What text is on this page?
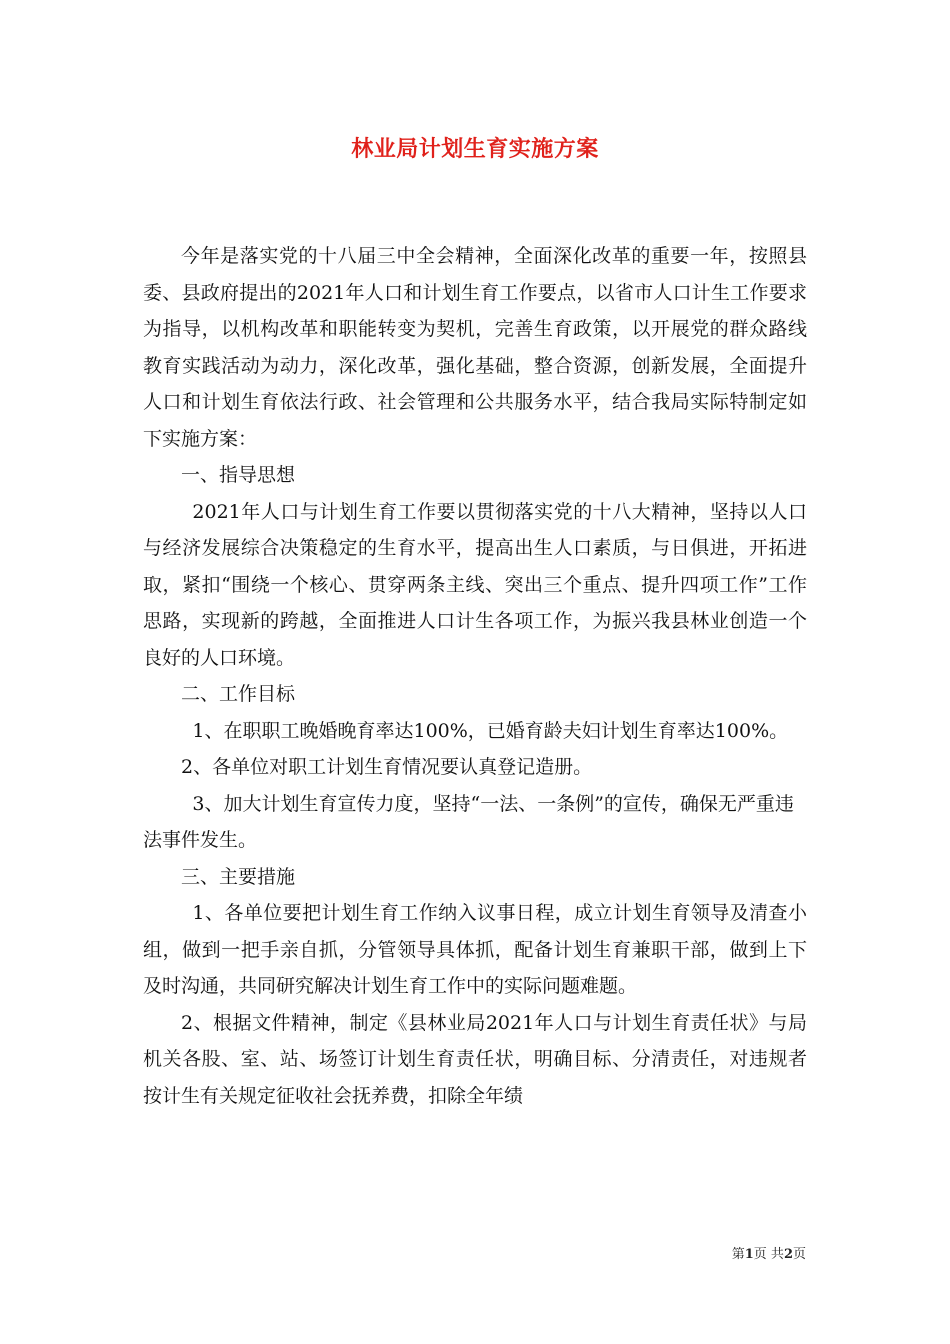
林业局计划生育实施方案

今年是落实党的十八届三中全会精神，全面深化改革的重要一年，按照县委、县政府提出的2021年人口和计划生育工作要点，以省市人口计生工作要求为指导，以机构改革和职能转变为契机，完善生育政策，以开展党的群众路线教育实践活动为动力，深化改革，强化基础，整合资源，创新发展，全面提升人口和计划生育依法行政、社会管理和公共服务水平，结合我局实际特制定如下实施方案：

一、指导思想

2021年人口与计划生育工作要以贯彻落实党的十八大精神，坚持以人口与经济发展综合决策稳定的生育水平，提高出生人口素质，与日俱进，开拓进取，紧扣“围绕一个核心、贯穿两条主线、突出三个重点、提升四项工作”工作思路，实现新的跨越，全面推进人口计生各项工作，为振兴我县林业创造一个良好的人口环境。

二、工作目标

1、在职职工晚婚晚育率达100%，已婚育龄夫妇计划生育率达100%。

2、各单位对职工计划生育情况要认真登记造册。

3、加大计划生育宣传力度，坚持“一法、一条例”的宣传，确保无严重违法事件发生。

三、主要措施

1、各单位要把计划生育工作纳入议事日程，成立计划生育领导及清查小组，做到一把手亲自抓，分管领导具体抓，配备计划生育兼职干部，做到上下及时沟通，共同研究解决计划生育工作中的实际问题难题。

2、根据文件精神，制定《县林业局2021年人口与计划生育责任状》与局机关各股、室、站、场签订计划生育责任状，明确目标、分清责任，对违规者按计生有关规定征收社会抚养费，扣除全年绩

第1页 共2页
